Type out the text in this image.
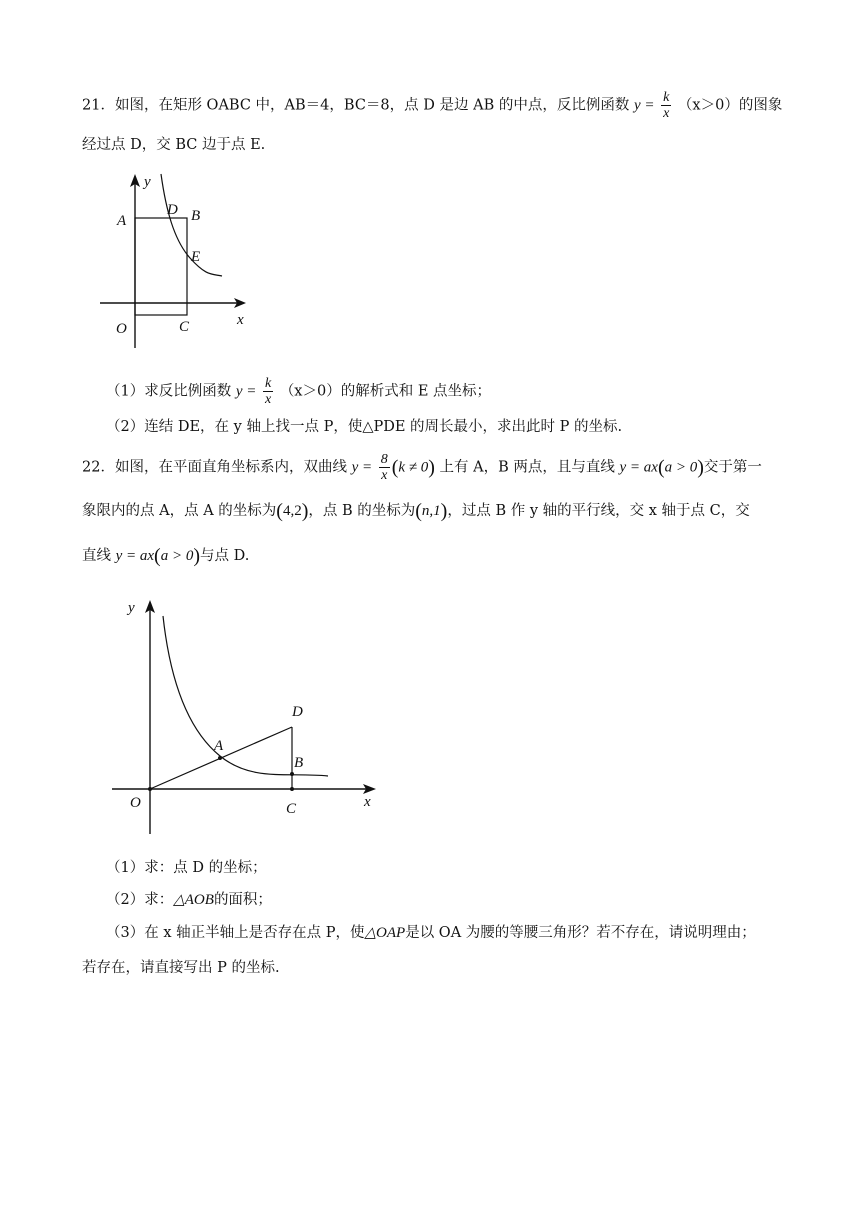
21．如图，在矩形 OABC 中，AB＝4，BC＝8，点 D 是边 AB 的中点，反比例函数 $y = \frac{k}{x} (x>0)$的图象
经过点 D，交 BC 边于点 E.
y
A
D B
E
O	C	x
（1）求反比例函数 $y = \frac{k}{x} (x>0)$的解析式和 E 点坐标；
（2）连结 DE，在 y 轴上找一点 P，使△PDE 的周长最小，求出此时 P 的坐标.
22．如图，在平面直角坐标系内，双曲线 $y = \frac{8}{x} (k \ne 0)$ 上有 A，B 两点，且与直线 y = ax(a > 0)交于第一
象限内的点 A，点 A 的坐标为(4,2)，点 B 的坐标为(n,1)，过点 B 作 y 轴的平行线，交 x 轴于点 C，交
直线 y = ax(a > 0)与点 D.
y
O
A
D
B
C	x
（1）求：点 D 的坐标；
（2）求：△AOB的面积；
（3）在 x 轴正半轴上是否存在点 P，使△OAP是以 OA 为腰的等腰三角形？若不存在，请说明理由；
若存在，请直接写出 P 的坐标.
